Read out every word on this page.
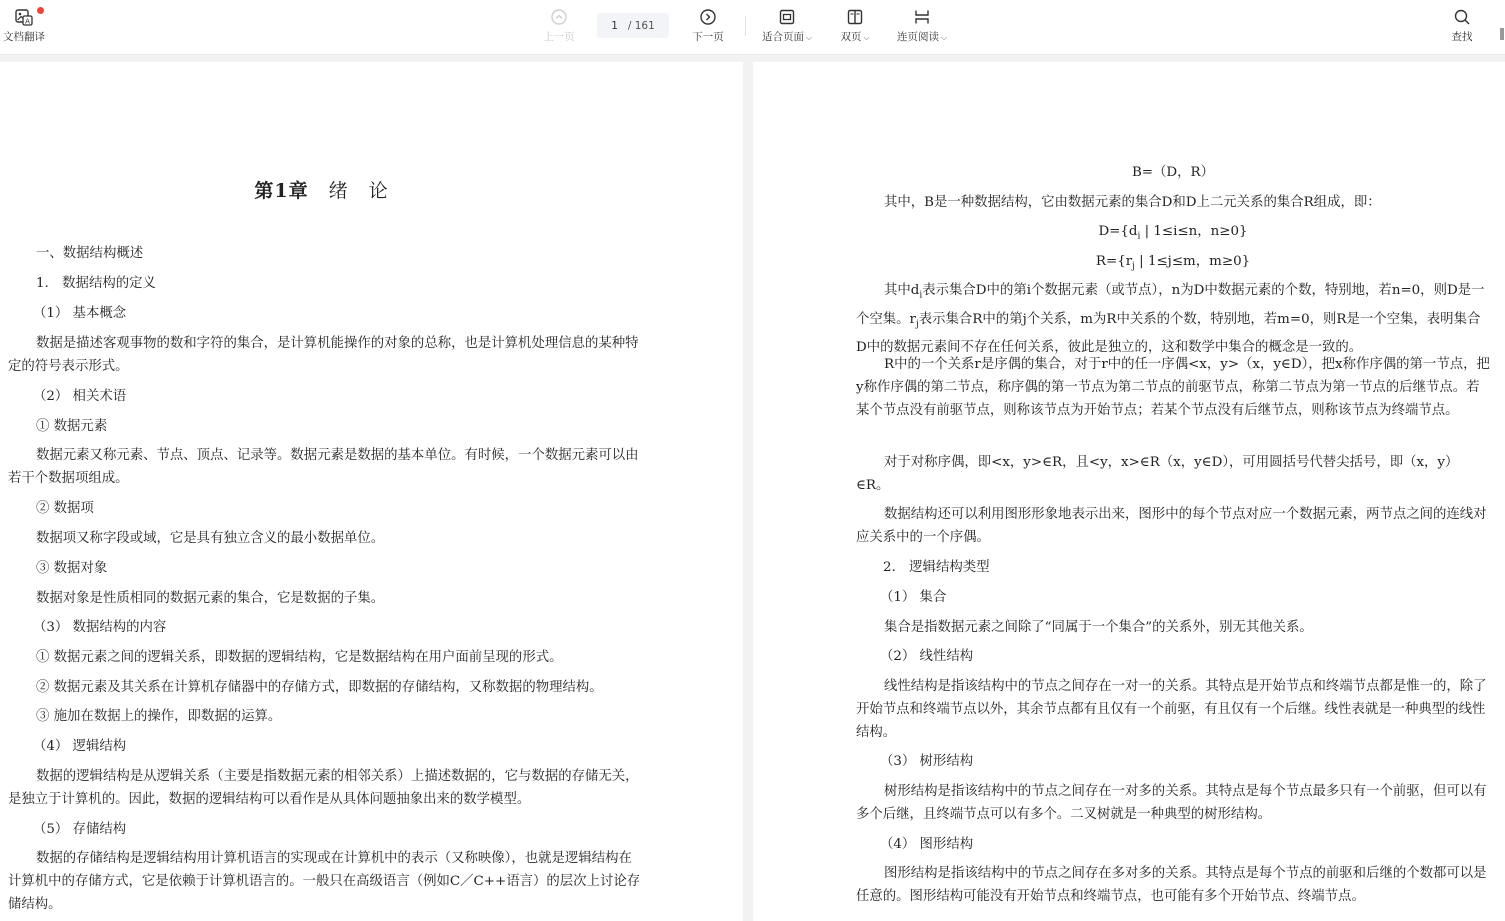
A
文档翻译	上一页
1 / 161
下一页	适合页面 ⌵	双页 ⌵	连页阅读 ⌵	查找
第1章 绪 论

一、数据结构概述

1.　数据结构的定义

（1） 基本概念

数据是描述客观事物的数和字符的集合，是计算机能操作的对象的总称，也是计算机处理信息的某种特定的符号表示形式。

（2） 相关术语

① 数据元素

数据元素又称元素、节点、顶点、记录等。数据元素是数据的基本单位。有时候，一个数据元素可以由若干个数据项组成。

② 数据项

数据项又称字段或域，它是具有独立含义的最小数据单位。

③ 数据对象

数据对象是性质相同的数据元素的集合，它是数据的子集。

（3） 数据结构的内容

① 数据元素之间的逻辑关系，即数据的逻辑结构，它是数据结构在用户面前呈现的形式。

② 数据元素及其关系在计算机存储器中的存储方式，即数据的存储结构，又称数据的物理结构。

③ 施加在数据上的操作，即数据的运算。

（4） 逻辑结构

数据的逻辑结构是从逻辑关系（主要是指数据元素的相邻关系）上描述数据的，它与数据的存储无关，是独立于计算机的。因此，数据的逻辑结构可以看作是从具体问题抽象出来的数学模型。

（5） 存储结构

数据的存储结构是逻辑结构用计算机语言的实现或在计算机中的表示（又称映像），也就是逻辑结构在计算机中的存储方式，它是依赖于计算机语言的。一般只在高级语言（例如C／C++语言）的层次上讨论存储结构。

B=（D，R）

其中，B是一种数据结构，它由数据元素的集合D和D上二元关系的集合R组成，即：

$D=\{d_i$ | 1≤i≤n，n≥0}

$R=\{r_j$ | 1≤j≤m，m≥0}

其中$d_i$表示集合D中的第i个数据元素（或节点），n为D中数据元素的个数，特别地，若n=0，则D是一个空集。$r_j$表示集合R中的第j个关系，m为R中关系的个数，特别地，若m=0，则R是一个空集，表明集合D中的数据元素间不存在任何关系，彼此是独立的，这和数学中集合的概念是一致的。

R中的一个关系r是序偶的集合，对于r中的任一序偶<x，y>（x，y∈D），把x称作序偶的第一节点，把y称作序偶的第二节点，称序偶的第一节点为第二节点的前驱节点，称第二节点为第一节点的后继节点。若某个节点没有前驱节点，则称该节点为开始节点；若某个节点没有后继节点，则称该节点为终端节点。

对于对称序偶，即<x，y>∈R，且<y，x>∈R（x，y∈D），可用圆括号代替尖括号，即（x，y）∈R。

数据结构还可以利用图形形象地表示出来，图形中的每个节点对应一个数据元素，两节点之间的连线对应关系中的一个序偶。

2.　逻辑结构类型

（1） 集合

集合是指数据元素之间除了“同属于一个集合”的关系外，别无其他关系。

（2） 线性结构

线性结构是指该结构中的节点之间存在一对一的关系。其特点是开始节点和终端节点都是惟一的，除了开始节点和终端节点以外，其余节点都有且仅有一个前驱，有且仅有一个后继。线性表就是一种典型的线性结构。

（3） 树形结构

树形结构是指该结构中的节点之间存在一对多的关系。其特点是每个节点最多只有一个前驱，但可以有多个后继，且终端节点可以有多个。二叉树就是一种典型的树形结构。

（4） 图形结构

图形结构是指该结构中的节点之间存在多对多的关系。其特点是每个节点的前驱和后继的个数都可以是任意的。图形结构可能没有开始节点和终端节点，也可能有多个开始节点、终端节点。
